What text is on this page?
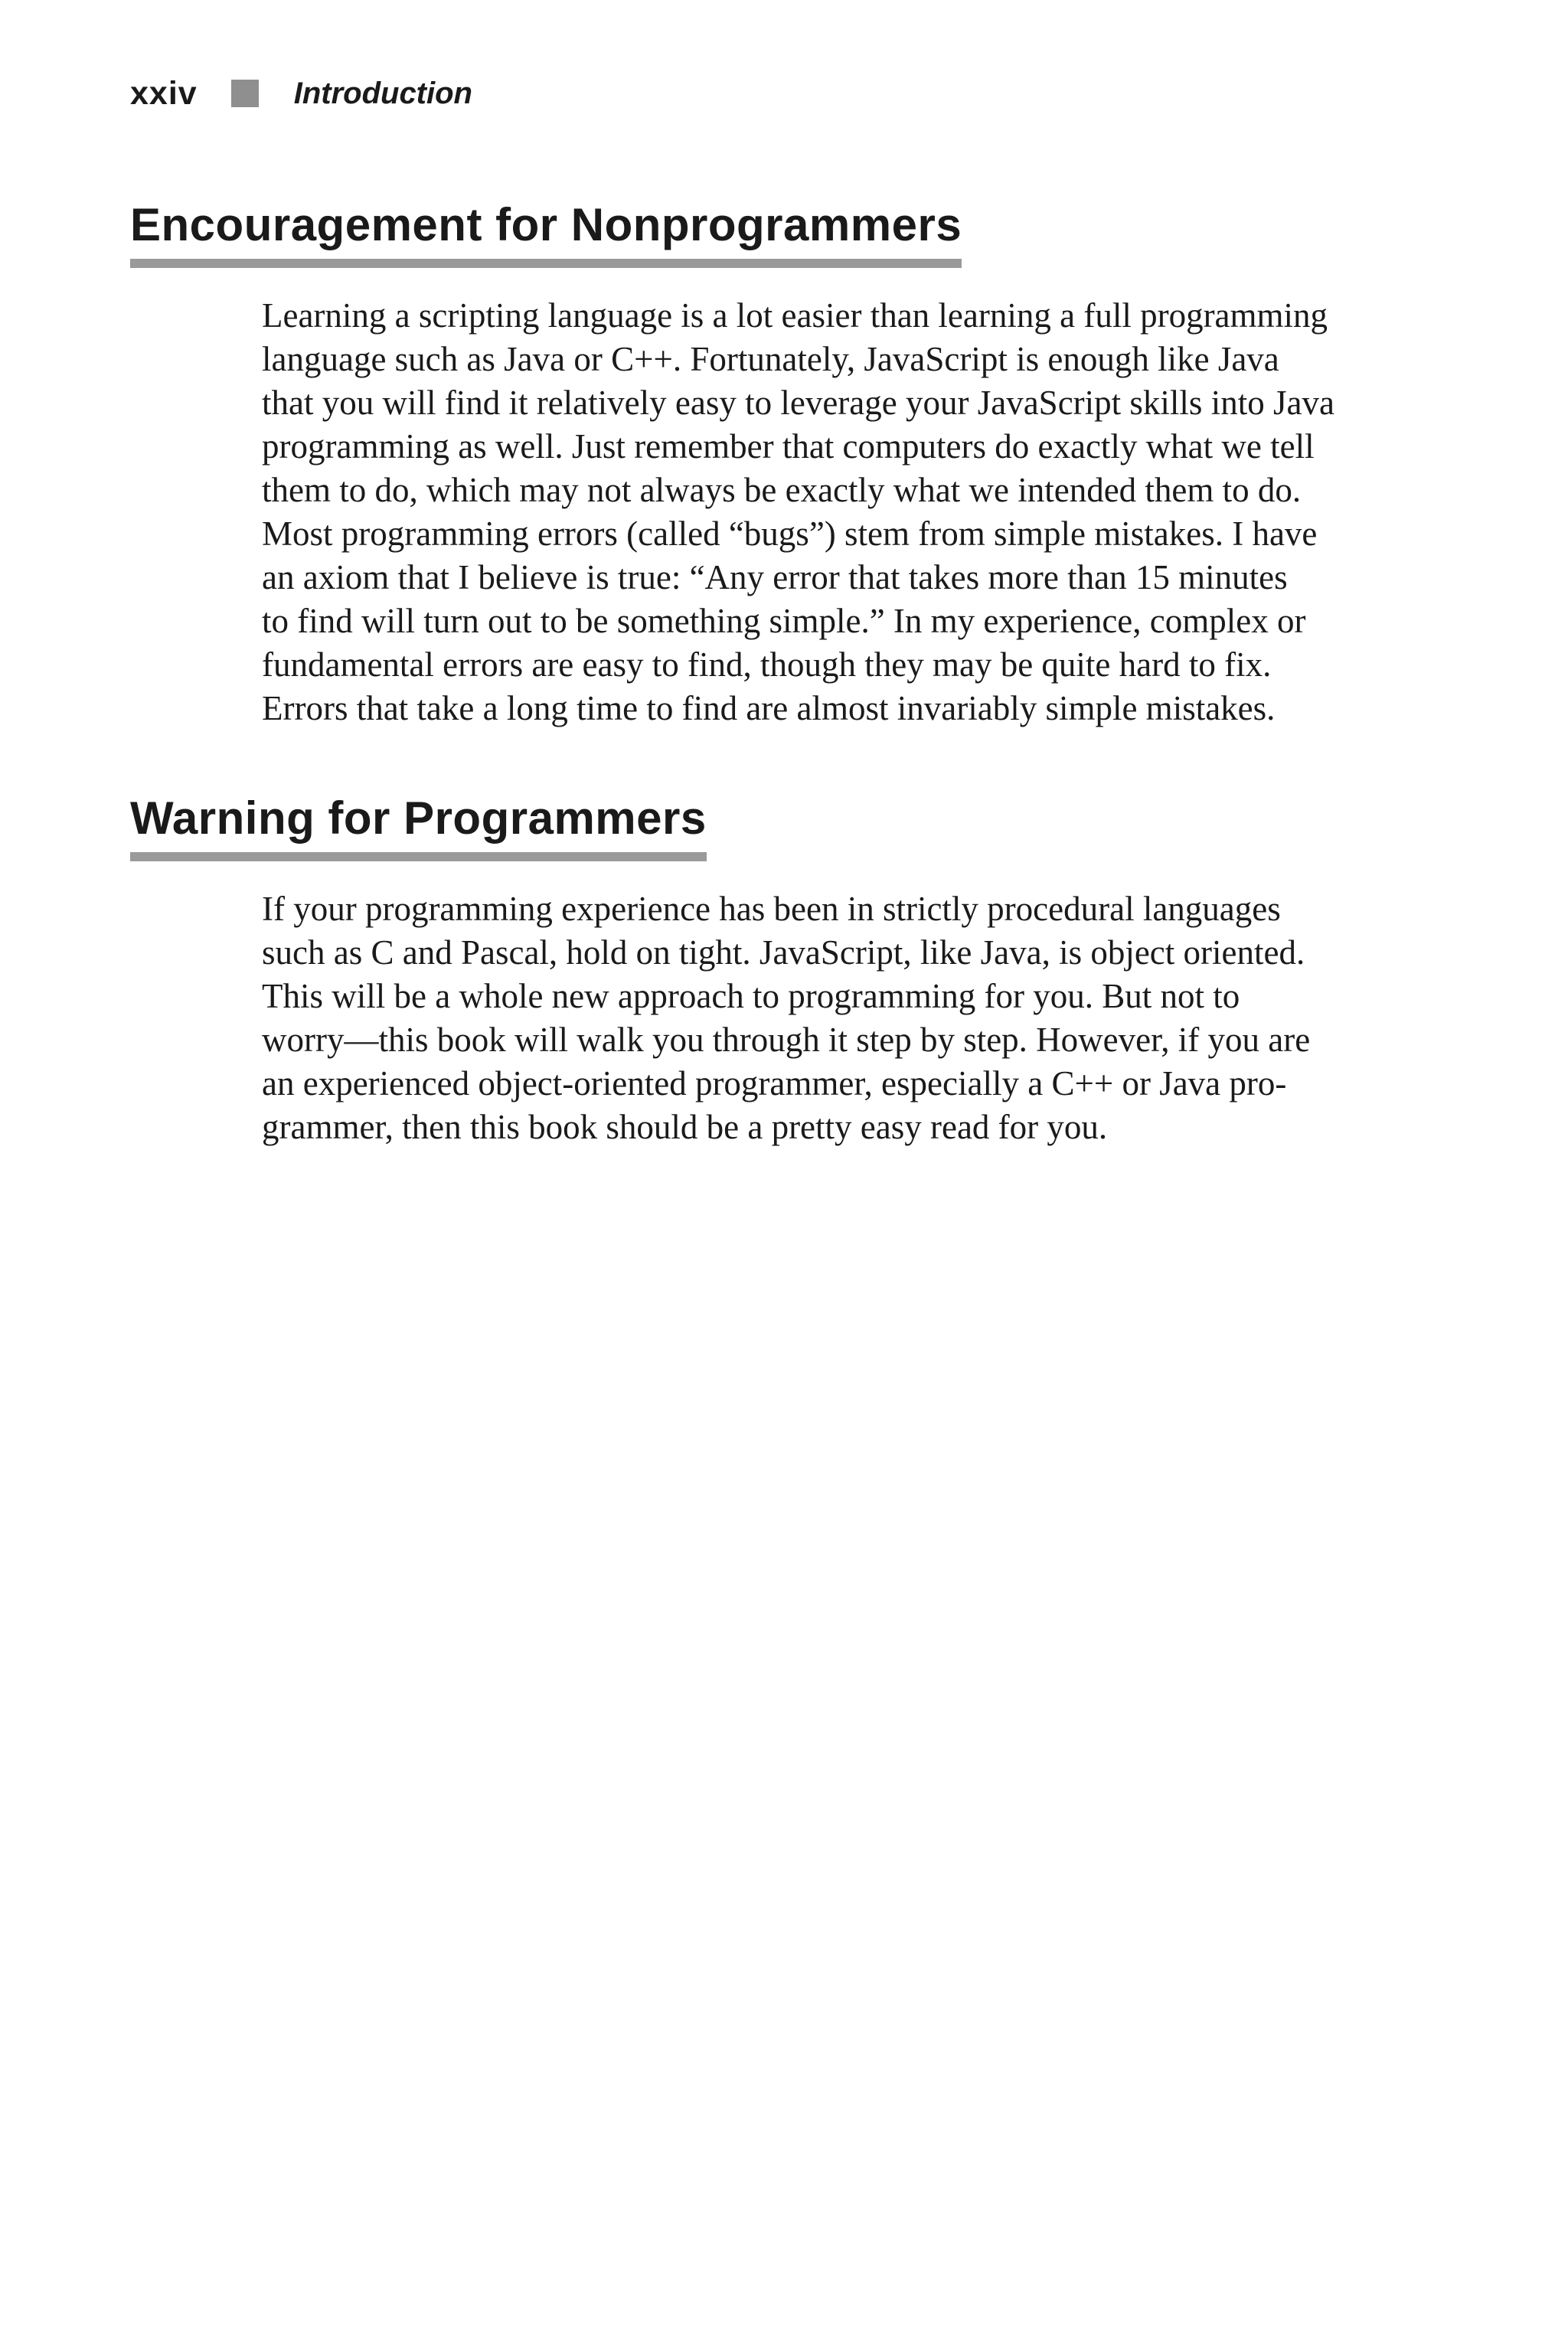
xxiv	Introduction
Encouragement for Nonprogrammers
Learning a scripting language is a lot easier than learning a full programming
language such as Java or C++. Fortunately, JavaScript is enough like Java
that you will find it relatively easy to leverage your JavaScript skills into Java
programming as well. Just remember that computers do exactly what we tell
them to do, which may not always be exactly what we intended them to do.
Most programming errors (called “bugs”) stem from simple mistakes. I have
an axiom that I believe is true: “Any error that takes more than 15 minutes
to find will turn out to be something simple.” In my experience, complex or
fundamental errors are easy to find, though they may be quite hard to fix.
Errors that take a long time to find are almost invariably simple mistakes.
Warning for Programmers
If your programming experience has been in strictly procedural languages
such as C and Pascal, hold on tight. JavaScript, like Java, is object oriented.
This will be a whole new approach to programming for you. But not to
worry—this book will walk you through it step by step. However, if you are
an experienced object-oriented programmer, especially a C++ or Java pro-
grammer, then this book should be a pretty easy read for you.
